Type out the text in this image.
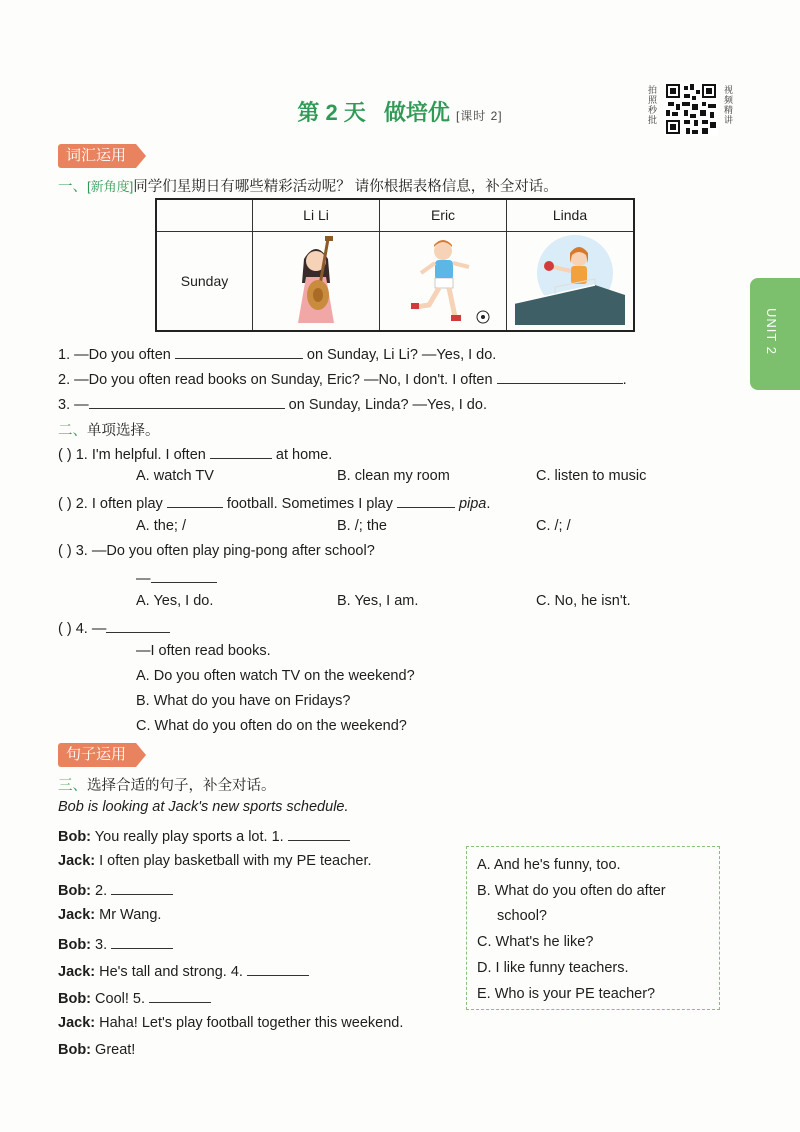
第 2 天 做培优 [课时 2]
拍照秒批
视频精讲
UNIT 2
词汇运用
一、[新角度]同学们星期日有哪些精彩活动呢？ 请你根据表格信息，补全对话。
	Li Li	Eric	Linda
Sunday			
1. —Do you often	on Sunday, Li Li? —Yes, I do.
2. —Do you often read books on Sunday, Eric? —No, I don't. I often	.
3. —	on Sunday, Linda? —Yes, I do.
二、单项选择。
( ) 1. I'm helpful. I often	at home.
A. watch TV	B. clean my room	C. listen to music
( ) 2. I often play	football. Sometimes I play	pipa.
A. the; /	B. /; the	C. /; /
( ) 3. —Do you often play ping-pong after school?
—
A. Yes, I do.	B. Yes, I am.	C. No, he isn't.
( ) 4. —
—I often read books.
A. Do you often watch TV on the weekend?
B. What do you have on Fridays?
C. What do you often do on the weekend?
句子运用
三、选择合适的句子，补全对话。
Bob is looking at Jack's new sports schedule.
Bob: You really play sports a lot. 1.
Jack: I often play basketball with my PE teacher.
Bob: 2.
Jack: Mr Wang.
Bob: 3.
Jack: He's tall and strong. 4.
Bob: Cool! 5.
Jack: Haha! Let's play football together this weekend.
Bob: Great!
A. And he's funny, too.
B. What do you often do after
school?
C. What's he like?
D. I like funny teachers.
E. Who is your PE teacher?
